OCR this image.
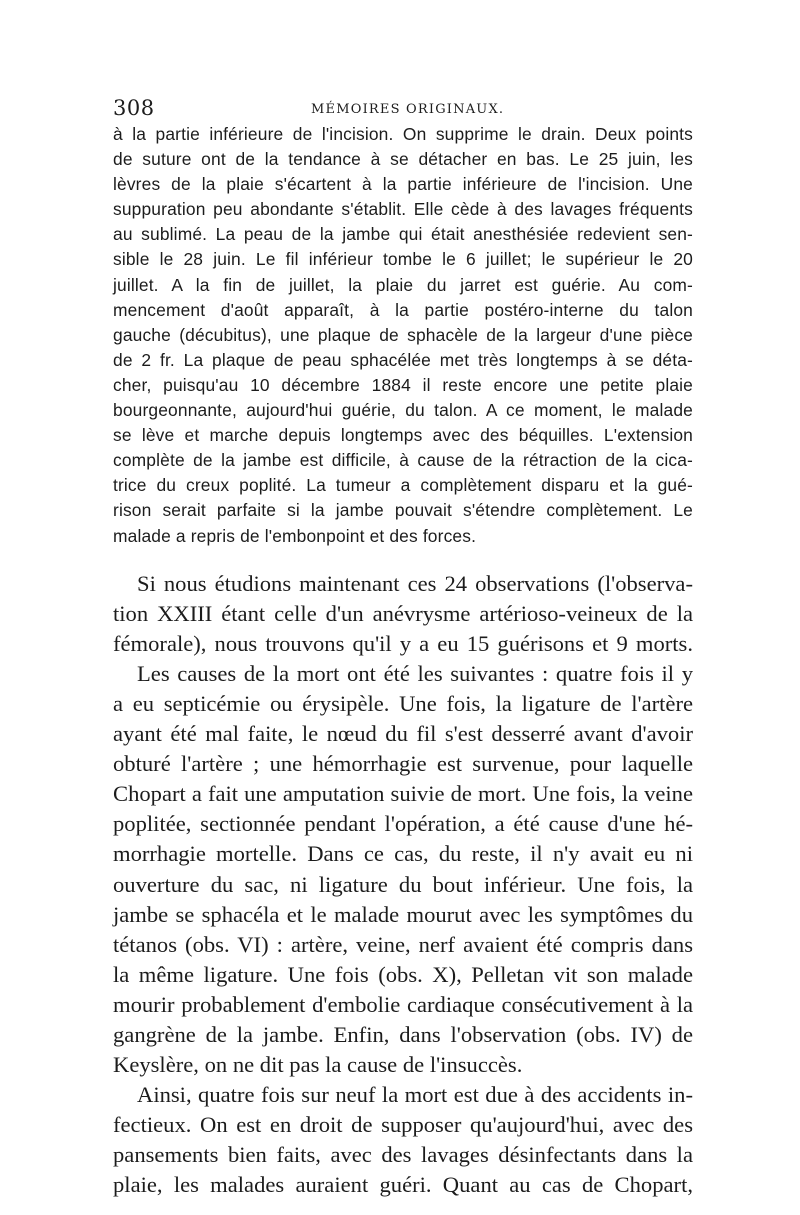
308	MÉMOIRES ORIGINAUX.
à la partie inférieure de l'incision. On supprime le drain. Deux points
de suture ont de la tendance à se détacher en bas. Le 25 juin, les
lèvres de la plaie s'écartent à la partie inférieure de l'incision. Une
suppuration peu abondante s'établit. Elle cède à des lavages fréquents
au sublimé. La peau de la jambe qui était anesthésiée redevient sen-
sible le 28 juin. Le fil inférieur tombe le 6 juillet; le supérieur le 20
juillet. A la fin de juillet, la plaie du jarret est guérie. Au com-
mencement d'août apparaît, à la partie postéro-interne du talon
gauche (décubitus), une plaque de sphacèle de la largeur d'une pièce
de 2 fr. La plaque de peau sphacélée met très longtemps à se déta-
cher, puisqu'au 10 décembre 1884 il reste encore une petite plaie
bourgeonnante, aujourd'hui guérie, du talon. A ce moment, le malade
se lève et marche depuis longtemps avec des béquilles. L'extension
complète de la jambe est difficile, à cause de la rétraction de la cica-
trice du creux poplité. La tumeur a complètement disparu et la gué-
rison serait parfaite si la jambe pouvait s'étendre complètement. Le
malade a repris de l'embonpoint et des forces.
Si nous étudions maintenant ces 24 observations (l'observa-
tion XXIII étant celle d'un anévrysme artérioso-veineux de la
fémorale), nous trouvons qu'il y a eu 15 guérisons et 9 morts.
Les causes de la mort ont été les suivantes : quatre fois il y
a eu septicémie ou érysipèle. Une fois, la ligature de l'artère
ayant été mal faite, le nœud du fil s'est desserré avant d'avoir
obturé l'artère ; une hémorrhagie est survenue, pour laquelle
Chopart a fait une amputation suivie de mort. Une fois, la veine
poplitée, sectionnée pendant l'opération, a été cause d'une hé-
morrhagie mortelle. Dans ce cas, du reste, il n'y avait eu ni
ouverture du sac, ni ligature du bout inférieur. Une fois, la
jambe se sphacéla et le malade mourut avec les symptômes du
tétanos (obs. VI) : artère, veine, nerf avaient été compris dans
la même ligature. Une fois (obs. X), Pelletan vit son malade
mourir probablement d'embolie cardiaque consécutivement à la
gangrène de la jambe. Enfin, dans l'observation (obs. IV) de
Keyslère, on ne dit pas la cause de l'insuccès.
Ainsi, quatre fois sur neuf la mort est due à des accidents in-
fectieux. On est en droit de supposer qu'aujourd'hui, avec des
pansements bien faits, avec des lavages désinfectants dans la
plaie, les malades auraient guéri. Quant au cas de Chopart,
